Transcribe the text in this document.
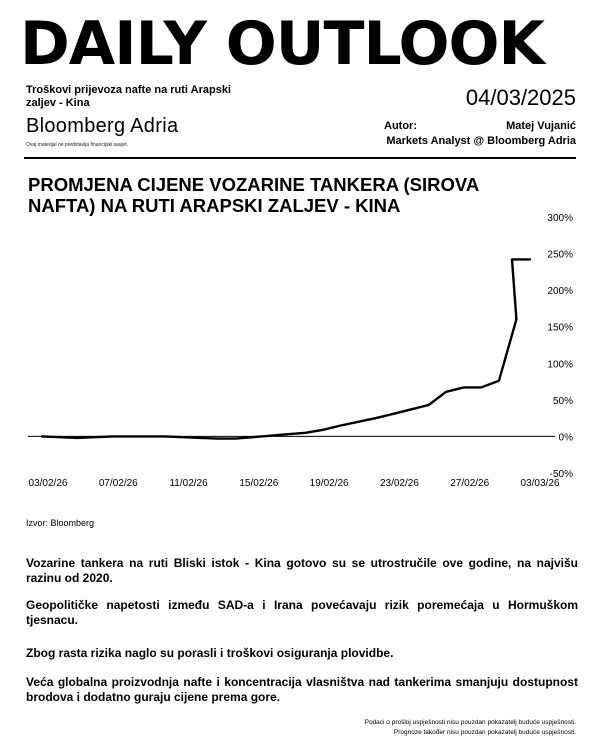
DAILY OUTLOOK
Troškovi prijevoza nafte na ruti Arapski zaljev - Kina
Bloomberg Adria
Ovaj materijal ne predstavlja financijski savjet.
04/03/2025
Autor:	Matej Vujanić
Markets Analyst @ Bloomberg Adria
PROMJENA CIJENE VOZARINE TANKERA (SIROVA NAFTA) NA RUTI ARAPSKI ZALJEV - KINA
300%
250%
200%
150%
100%
50%
0%
-50%
03/02/26	07/02/26	11/02/26	15/02/26	19/02/26	23/02/26	27/02/26	03/03/26
Izvor: Bloomberg
Vozarine tankera na ruti Bliski istok - Kina gotovo su se utrostručile ove godine, na najvišu razinu od 2020.
Geopolitičke napetosti između SAD-a i Irana povećavaju rizik poremećaja u Hormuškom tjesnacu.
Zbog rasta rizika naglo su porasli i troškovi osiguranja plovidbe.
Veća globalna proizvodnja nafte i koncentracija vlasništva nad tankerima smanjuju dostupnost brodova i dodatno guraju cijene prema gore.
Podaci o prošloj uspješnosti nisu pouzdan pokazatelj buduće uspješnosti.
Prognoze također nisu pouzdan pokazatelj buduće uspješnosti.
